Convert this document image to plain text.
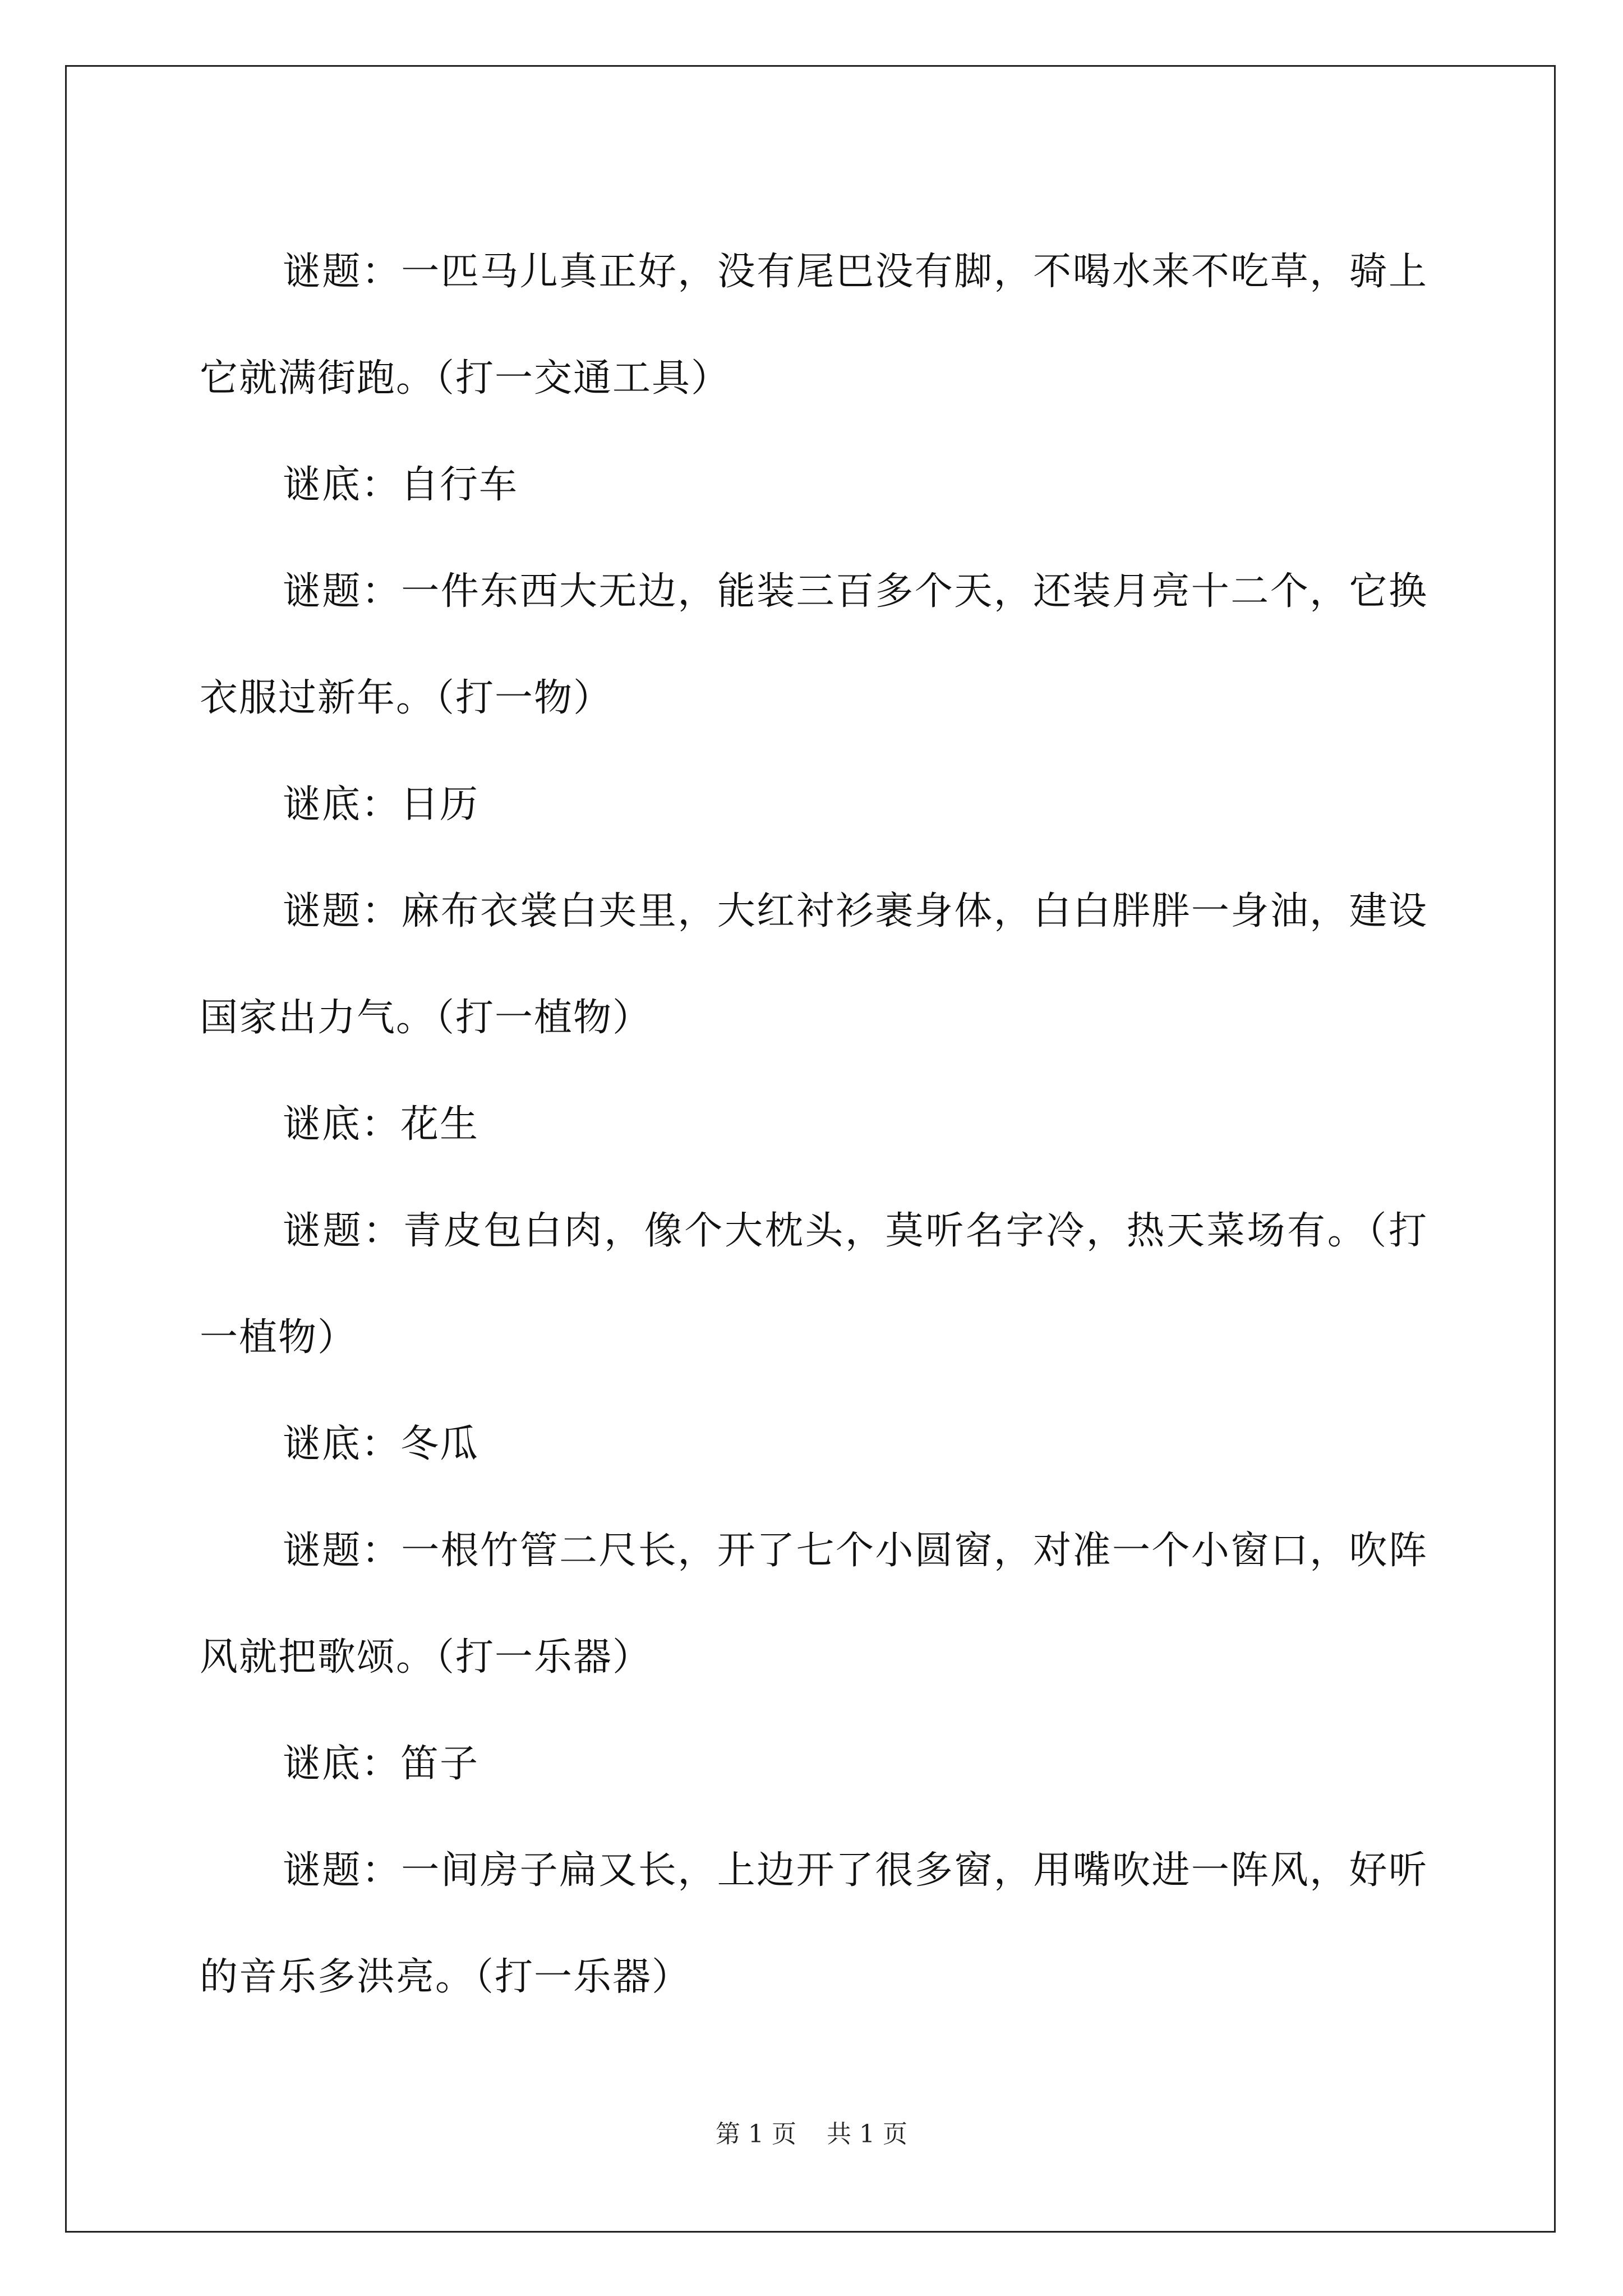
谜题：一匹马儿真正好，没有尾巴没有脚，不喝水来不吃草，骑上它就满街跑。（打一交通工具）

谜底：自行车

谜题：一件东西大无边，能装三百多个天，还装月亮十二个，它换衣服过新年。（打一物）

谜底：日历

谜题：麻布衣裳白夹里，大红衬衫裹身体，白白胖胖一身油，建设国家出力气。（打一植物）

谜底：花生

谜题：青皮包白肉，像个大枕头，莫听名字冷，热天菜场有。（打一植物）

谜底：冬瓜

谜题：一根竹管二尺长，开了七个小圆窗，对准一个小窗口，吹阵风就把歌颂。（打一乐器）

谜底：笛子

谜题：一间房子扁又长，上边开了很多窗，用嘴吹进一阵风，好听的音乐多洪亮。（打一乐器）

第 1 页 共 1 页
